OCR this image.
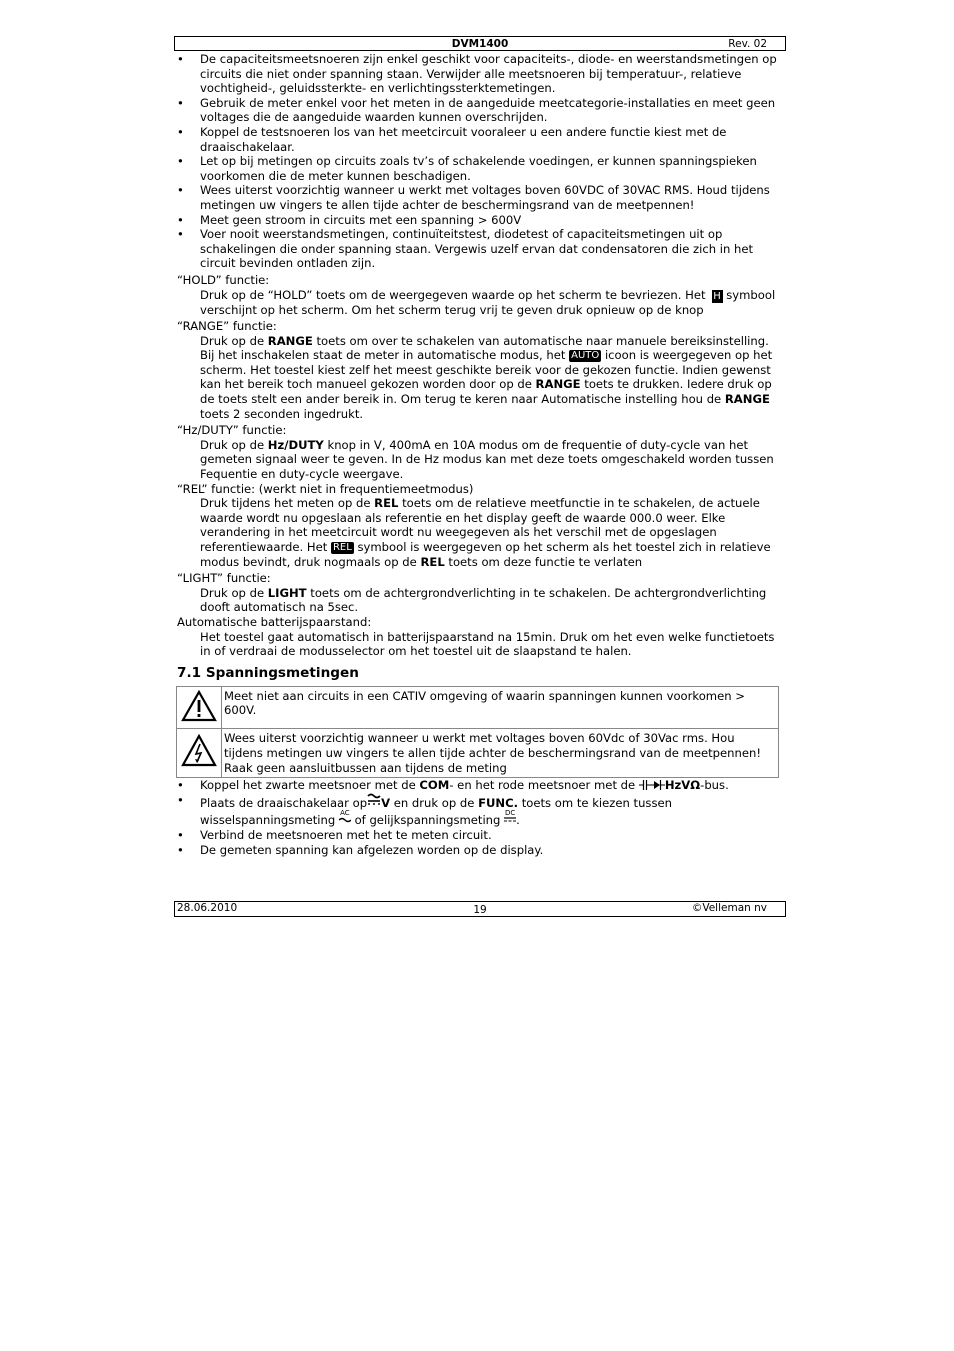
DVM1400	Rev. 02
• De capaciteitsmeetsnoeren zijn enkel geschikt voor capaciteits-, diode- en weerstandsmetingen op circuits die niet onder spanning staan. Verwijder alle meetsnoeren bij temperatuur-, relatieve vochtigheid-, geluidssterkte- en verlichtingssterktemetingen.
• Gebruik de meter enkel voor het meten in de aangeduide meetcategorie-installaties en meet geen voltages die de aangeduide waarden kunnen overschrijden.
• Koppel de testsnoeren los van het meetcircuit vooraleer u een andere functie kiest met de draaischakelaar.
• Let op bij metingen op circuits zoals tv’s of schakelende voedingen, er kunnen spanningspieken voorkomen die de meter kunnen beschadigen.
• Wees uiterst voorzichtig wanneer u werkt met voltages boven 60VDC of 30VAC RMS. Houd tijdens metingen uw vingers te allen tijde achter de beschermingsrand van de meetpennen!
• Meet geen stroom in circuits met een spanning > 600V
• Voer nooit weerstandsmetingen, continuïteitstest, diodetest of capaciteitsmetingen uit op schakelingen die onder spanning staan. Vergewis uzelf ervan dat condensatoren die zich in het circuit bevinden ontladen zijn.
“HOLD” functie:

Druk op de “HOLD” toets om de weergegeven waarde op het scherm te bevriezen. Het H symbool verschijnt op het scherm. Om het scherm terug vrij te geven druk opnieuw op de knop

“RANGE” functie:

Druk op de RANGE toets om over te schakelen van automatische naar manuele bereiksinstelling.

Bij het inschakelen staat de meter in automatische modus, het AUTO icoon is weergegeven op het scherm. Het toestel kiest zelf het meest geschikte bereik voor de gekozen functie. Indien gewenst kan het bereik toch manueel gekozen worden door op de RANGE toets te drukken. Iedere druk op de toets stelt een ander bereik in. Om terug te keren naar Automatische instelling hou de RANGE toets 2 seconden ingedrukt.

“Hz/DUTY” functie:

Druk op de Hz/DUTY knop in V, 400mA en 10A modus om de frequentie of duty-cycle van het gemeten signaal weer te geven. In de Hz modus kan met deze toets omgeschakeld worden tussen Fequentie en duty-cycle weergave.

“REL” functie: (werkt niet in frequentiemeetmodus)

Druk tijdens het meten op de REL toets om de relatieve meetfunctie in te schakelen, de actuele waarde wordt nu opgeslaan als referentie en het display geeft de waarde 000.0 weer. Elke verandering in het meetcircuit wordt nu weegegeven als het verschil met de opgeslagen referentiewaarde. Het REL symbool is weergegeven op het scherm als het toestel zich in relatieve modus bevindt, druk nogmaals op de REL toets om deze functie te verlaten

“LIGHT” functie:

Druk op de LIGHT toets om de achtergrondverlichting in te schakelen. De achtergrondverlichting dooft automatisch na 5sec.

Automatische batterijspaarstand:

Het toestel gaat automatisch in batterijspaarstand na 15min. Druk om het even welke functietoets in of verdraai de modusselector om het toestel uit de slaapstand te halen.

7.1 Spanningsmetingen
	Meet niet aan circuits in een CATIV omgeving of waarin spanningen kunnen voorkomen > 600V.
	Wees uiterst voorzichtig wanneer u werkt met voltages boven 60Vdc of 30Vac rms. Hou tijdens metingen uw vingers te allen tijde achter de beschermingsrand van de meetpennen! Raak geen aansluitbussen aan tijdens de meting
• Koppel het zwarte meetsnoer met de COM- en het rode meetsnoer met de HzVΩ-bus.
• Plaats de draaischakelaar op V en druk op de FUNC. toets om te kiezen tussen wisselspanningsmeting AC
of gelijkspanningsmeting DC
.
• Verbind de meetsnoeren met het te meten circuit.
• De gemeten spanning kan afgelezen worden op de display.
28.06.2010	19	©Velleman nv
